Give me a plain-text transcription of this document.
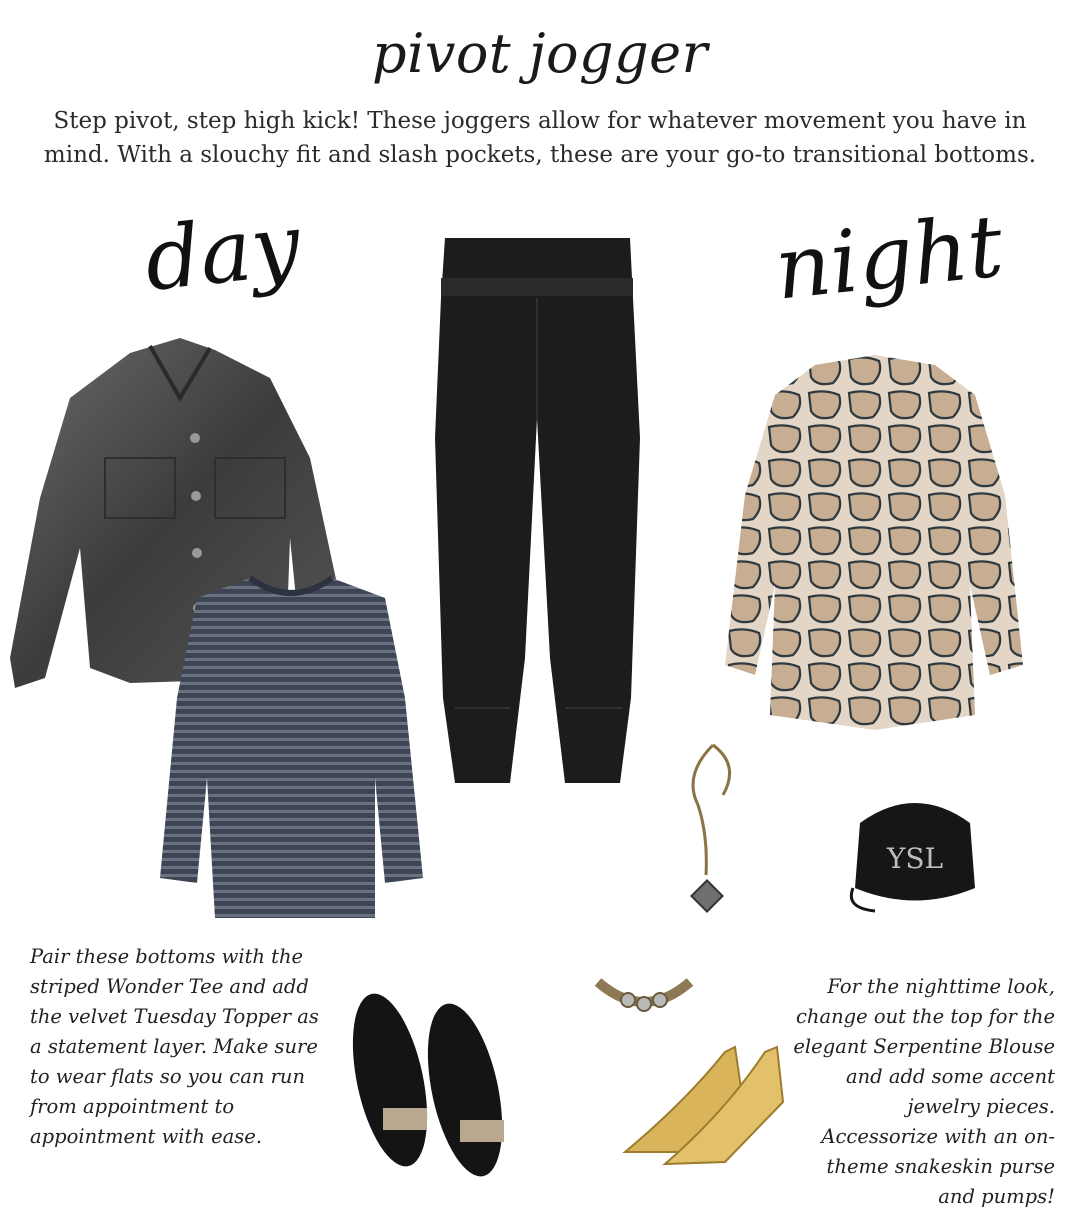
pivot jogger
Step pivot, step high kick! These joggers allow for whatever movement you have in mind. With a slouchy fit and slash pockets, these are your go-to transitional bottoms.
day	night
YSL
Pair these bottoms with the striped Wonder Tee and add the velvet Tuesday Topper as a statement layer. Make sure to wear flats so you can run from appointment to appointment with ease.
For the nighttime look, change out the top for the elegant Serpentine Blouse and add some accent jewelry pieces. Accessorize with an on-theme snakeskin purse and pumps!
